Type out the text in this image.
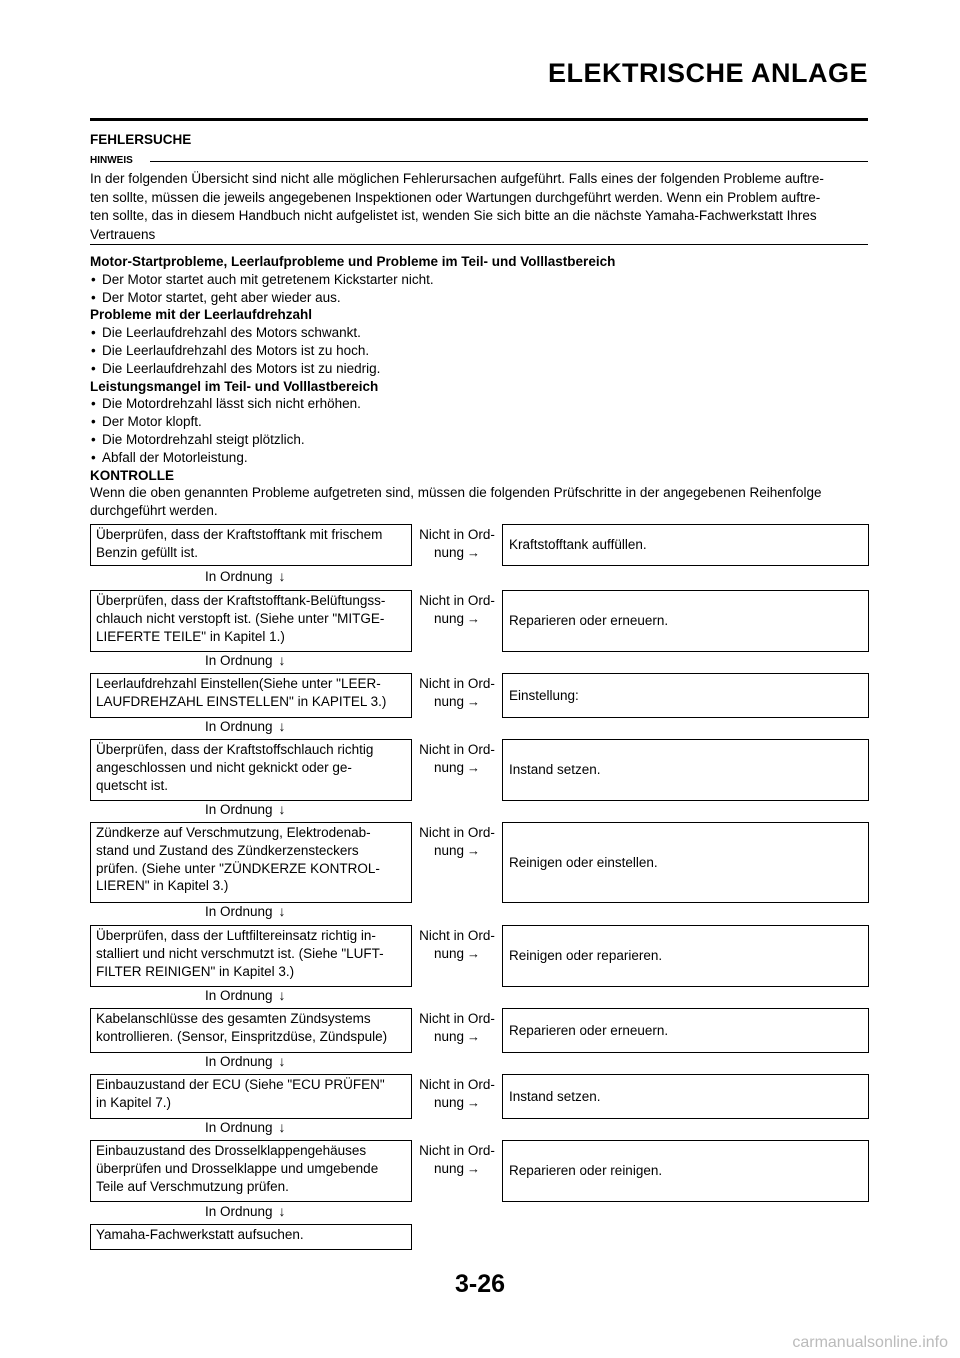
ELEKTRISCHE ANLAGE
FEHLERSUCHE
HINWEIS
In der folgenden Übersicht sind nicht alle möglichen Fehlerursachen aufgeführt. Falls eines der folgenden Probleme auftre-
ten sollte, müssen die jeweils angegebenen Inspektionen oder Wartungen durchgeführt werden. Wenn ein Problem auftre-
ten sollte, das in diesem Handbuch nicht aufgelistet ist, wenden Sie sich bitte an die nächste Yamaha-Fachwerkstatt Ihres
Vertrauens
Motor-Startprobleme, Leerlaufprobleme und Probleme im Teil- und Volllastbereich
• Der Motor startet auch mit getretenem Kickstarter nicht.
• Der Motor startet, geht aber wieder aus.
Probleme mit der Leerlaufdrehzahl
• Die Leerlaufdrehzahl des Motors schwankt.
• Die Leerlaufdrehzahl des Motors ist zu hoch.
• Die Leerlaufdrehzahl des Motors ist zu niedrig.
Leistungsmangel im Teil- und Volllastbereich
• Die Motordrehzahl lässt sich nicht erhöhen.
• Der Motor klopft.
• Die Motordrehzahl steigt plötzlich.
• Abfall der Motorleistung.
KONTROLLE
Wenn die oben genannten Probleme aufgetreten sind, müssen die folgenden Prüfschritte in der angegebenen Reihenfolge
durchgeführt werden.
Überprüfen, dass der Kraftstofftank mit frischem
Benzin gefüllt ist.
Nicht in Ord-
nung →
Kraftstofftank auffüllen.
In Ordnung ↓
Überprüfen, dass der Kraftstofftank-Belüftungss-
chlauch nicht verstopft ist. (Siehe unter "MITGE-
LIEFERTE TEILE" in Kapitel 1.)
Nicht in Ord-
nung →	Reparieren oder erneuern.
In Ordnung ↓
Leerlaufdrehzahl Einstellen(Siehe unter "LEER-
LAUFDREHZAHL EINSTELLEN" in KAPITEL 3.)
Nicht in Ord-
nung →	Einstellung:
In Ordnung ↓
Überprüfen, dass der Kraftstoffschlauch richtig
angeschlossen und nicht geknickt oder ge-
quetscht ist.
Nicht in Ord-
nung →	Instand setzen.
In Ordnung ↓
Zündkerze auf Verschmutzung, Elektrodenab-
stand und Zustand des Zündkerzensteckers
prüfen. (Siehe unter "ZÜNDKERZE KONTROL-
LIEREN" in Kapitel 3.)
Nicht in Ord-
nung →
Reinigen oder einstellen.
In Ordnung ↓
Überprüfen, dass der Luftfiltereinsatz richtig in-
stalliert und nicht verschmutzt ist. (Siehe "LUFT-
FILTER REINIGEN" in Kapitel 3.)
Nicht in Ord-
nung →	Reinigen oder reparieren.
In Ordnung ↓
Kabelanschlüsse des gesamten Zündsystems
kontrollieren. (Sensor, Einspritzdüse, Zündspule)
Nicht in Ord-
nung →	Reparieren oder erneuern.
In Ordnung ↓
Einbauzustand der ECU (Siehe "ECU PRÜFEN"
in Kapitel 7.)
Nicht in Ord-
nung →	Instand setzen.
In Ordnung ↓
Einbauzustand des Drosselklappengehäuses
überprüfen und Drosselklappe und umgebende
Teile auf Verschmutzung prüfen.
Nicht in Ord-
nung →	Reparieren oder reinigen.
In Ordnung ↓
Yamaha-Fachwerkstatt aufsuchen.
3-26
carmanualsonline.info
